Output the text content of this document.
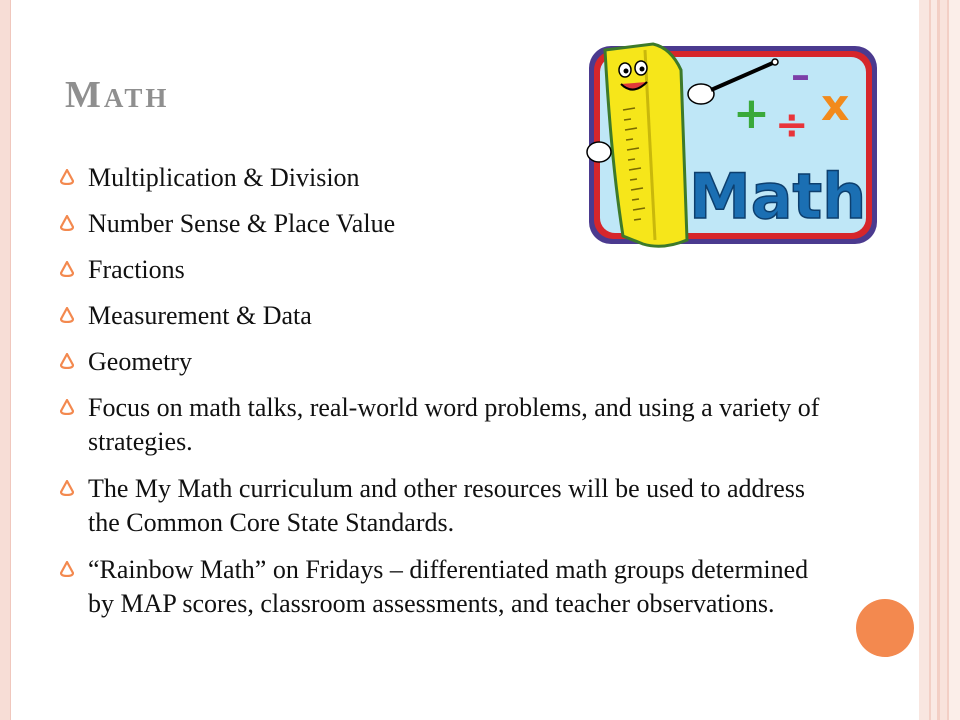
Math	–
+ ÷ x
Math
Multiplication & Division
Number Sense & Place Value
Fractions
Measurement & Data
Geometry
Focus on math talks, real-world word problems, and using a variety of strategies.
The My Math curriculum and other resources will be used to address the Common Core State Standards.
“Rainbow Math” on Fridays – differentiated math groups determined by MAP scores, classroom assessments, and teacher observations.
